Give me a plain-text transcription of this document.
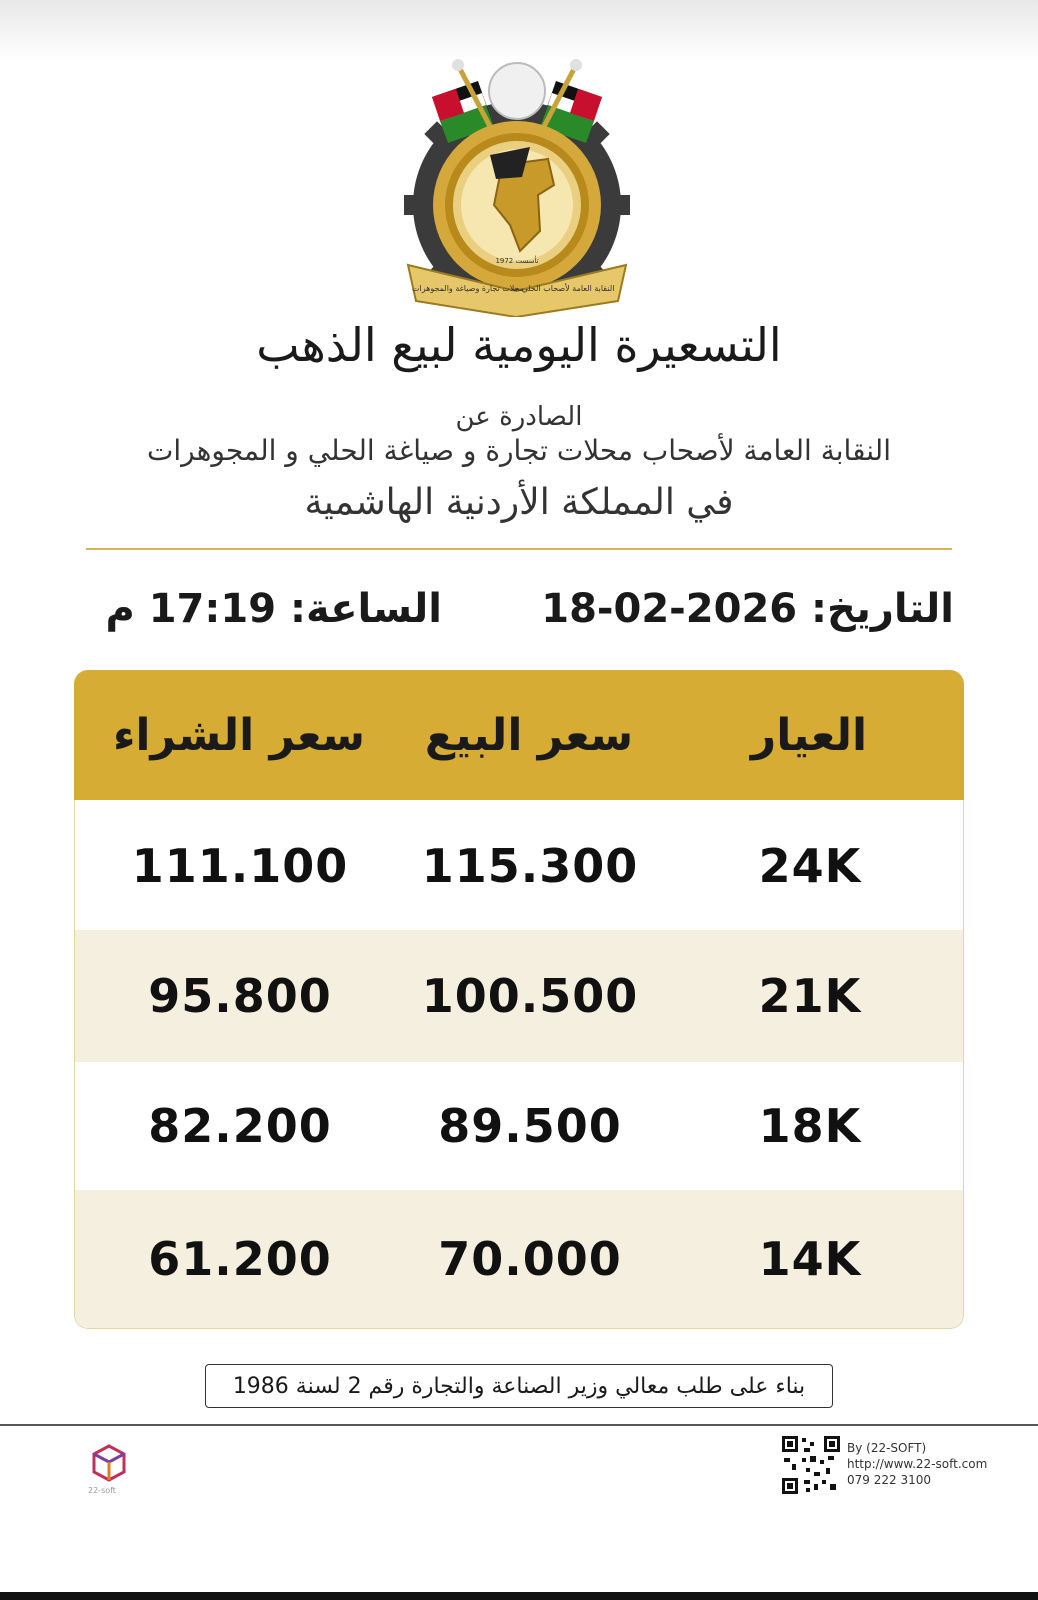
محلات تجارة وصياغة والمجوهرات
النقابة العامة لأصحاب الحلي
تأسست 1972
التسعيرة اليومية لبيع الذهب
الصادرة عن
النقابة العامة لأصحاب محلات تجارة و صياغة الحلي و المجوهرات
في المملكة الأردنية الهاشمية
التاريخ: 18-02-2026
الساعة: 17:19 م
العيار
سعر البيع
سعر الشراء
24K
115.300
111.100
21K
100.500
95.800
18K
89.500
82.200
14K
70.000
61.200
بناء على طلب معالي وزير الصناعة والتجارة رقم 2 لسنة 1986
22-soft
By (22-SOFT)
http://www.22-soft.com
079 222 3100
